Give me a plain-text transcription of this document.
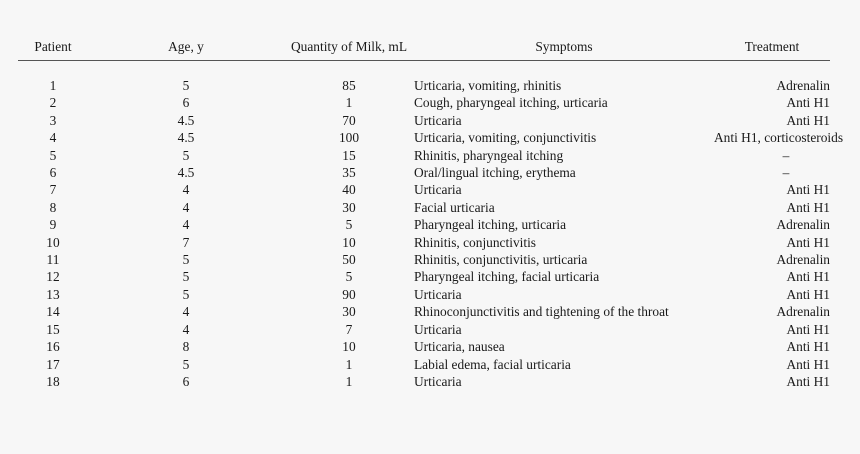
Patient	Age, y	Quantity of Milk, mL	Symptoms	Treatment
1	5	85	Urticaria, vomiting, rhinitis	Adrenalin
2	6	1	Cough, pharyngeal itching, urticaria	Anti H1
3	4.5	70	Urticaria	Anti H1
4	4.5	100	Urticaria, vomiting, conjunctivitis	Anti H1, corticosteroids
5	5	15	Rhinitis, pharyngeal itching	–
6	4.5	35	Oral/lingual itching, erythema	–
7	4	40	Urticaria	Anti H1
8	4	30	Facial urticaria	Anti H1
9	4	5	Pharyngeal itching, urticaria	Adrenalin
10	7	10	Rhinitis, conjunctivitis	Anti H1
11	5	50	Rhinitis, conjunctivitis, urticaria	Adrenalin
12	5	5	Pharyngeal itching, facial urticaria	Anti H1
13	5	90	Urticaria	Anti H1
14	4	30	Rhinoconjunctivitis and tightening of the throat	Adrenalin
15	4	7	Urticaria	Anti H1
16	8	10	Urticaria, nausea	Anti H1
17	5	1	Labial edema, facial urticaria	Anti H1
18	6	1	Urticaria	Anti H1
